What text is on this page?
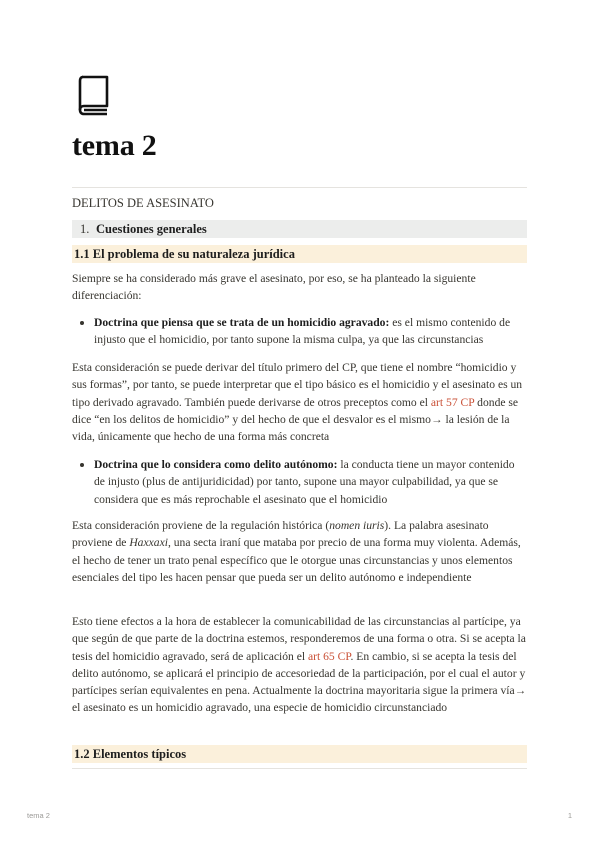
tema 2
DELITOS DE ASESINATO
1. Cuestiones generales
1.1 El problema de su naturaleza jurídica

Siempre se ha considerado más grave el asesinato, por eso, se ha planteado la siguiente diferenciación:

Doctrina que piensa que se trata de un homicidio agravado: es el mismo contenido de injusto que el homicidio, por tanto supone la misma culpa, ya que las circunstancias

Esta consideración se puede derivar del título primero del CP, que tiene el nombre “homicidio y sus formas”, por tanto, se puede interpretar que el tipo básico es el homicidio y el asesinato es un tipo derivado agravado. También puede derivarse de otros preceptos como el art 57 CP donde se dice “en los delitos de homicidio” y del hecho de que el desvalor es el mismo→ la lesión de la vida, únicamente que hecho de una forma más concreta

Doctrina que lo considera como delito autónomo: la conducta tiene un mayor contenido de injusto (plus de antijuridicidad) por tanto, supone una mayor culpabilidad, ya que se considera que es más reprochable el asesinato que el homicidio

Esta consideración proviene de la regulación histórica (nomen iuris). La palabra asesinato proviene de Haxxaxi, una secta iraní que mataba por precio de una forma muy violenta. Además, el hecho de tener un trato penal específico que le otorgue unas circunstancias y unos elementos esenciales del tipo les hacen pensar que pueda ser un delito autónomo e independiente

Esto tiene efectos a la hora de establecer la comunicabilidad de las circunstancias al partícipe, ya que según de que parte de la doctrina estemos, responderemos de una forma o otra. Si se acepta la tesis del homicidio agravado, será de aplicación el art 65 CP. En cambio, si se acepta la tesis del delito autónomo, se aplicará el principio de accesoriedad de la participación, por el cual el autor y partícipes serían equivalentes en pena. Actualmente la doctrina mayoritaria sigue la primera vía→ el asesinato es un homicidio agravado, una especie de homicidio circunstanciado

1.2 Elementos típicos
tema 2	1
